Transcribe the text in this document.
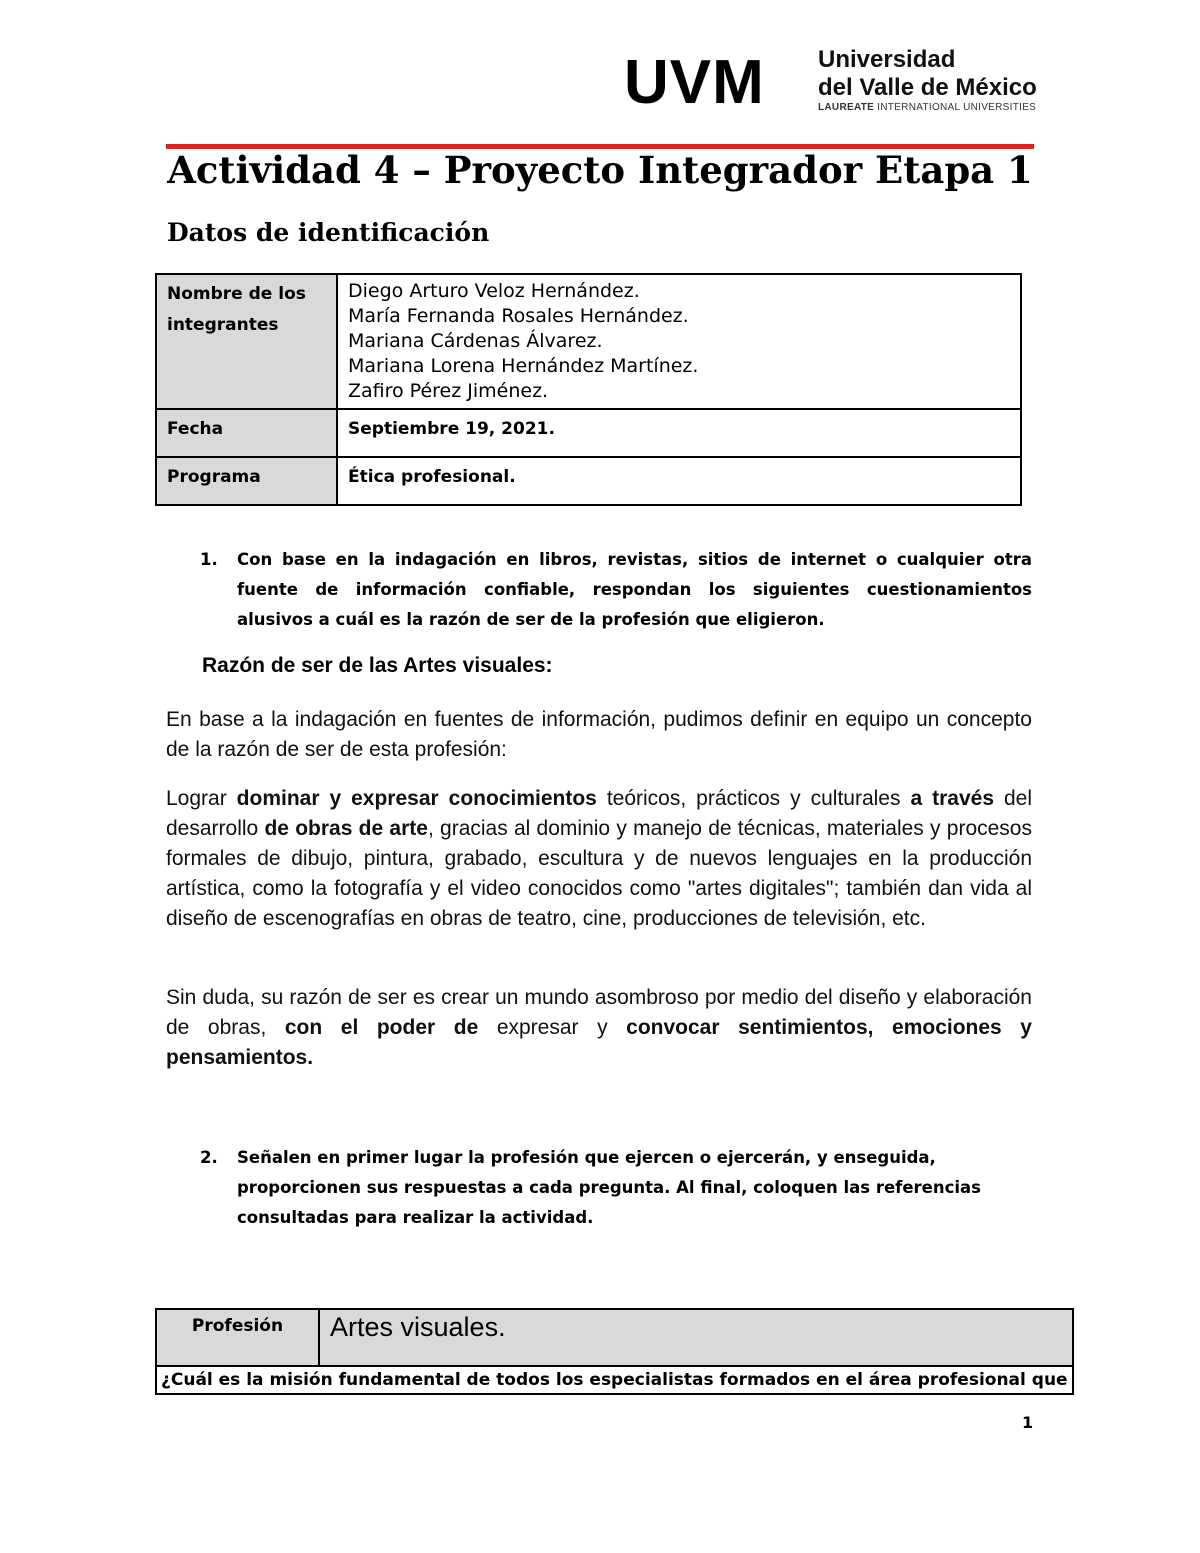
UVM Universidad
del Valle de México
LAUREATE INTERNATIONAL UNIVERSITIES
Actividad 4 – Proyecto Integrador Etapa 1
Datos de identificación
Nombre de los integrantes	Diego Arturo Veloz Hernández.
María Fernanda Rosales Hernández.
Mariana Cárdenas Álvarez.
Mariana Lorena Hernández Martínez.
Zafiro Pérez Jiménez.

Fecha	Septiembre 19, 2021.
Programa	Ética profesional.
1. Con base en la indagación en libros, revistas, sitios de internet o cualquier otra fuente de información confiable, respondan los siguientes cuestionamientos alusivos a cuál es la razón de ser de la profesión que eligieron.
Razón de ser de las Artes visuales:
En base a la indagación en fuentes de información, pudimos definir en equipo un concepto de la razón de ser de esta profesión:
Lograr dominar y expresar conocimientos teóricos, prácticos y culturales a través del desarrollo de obras de arte, gracias al dominio y manejo de técnicas, materiales y procesos formales de dibujo, pintura, grabado, escultura y de nuevos lenguajes en la producción artística, como la fotografía y el video conocidos como "artes digitales"; también dan vida al diseño de escenografías en obras de teatro, cine, producciones de televisión, etc.
Sin duda, su razón de ser es crear un mundo asombroso por medio del diseño y elaboración de obras, con el poder de expresar y convocar sentimientos, emociones y pensamientos.
2. Señalen en primer lugar la profesión que ejercen o ejercerán, y enseguida, proporcionen sus respuestas a cada pregunta. Al final, coloquen las referencias consultadas para realizar la actividad.
Profesión	Artes visuales.
¿Cuál es la misión fundamental de todos los especialistas formados en el área profesional que
1
